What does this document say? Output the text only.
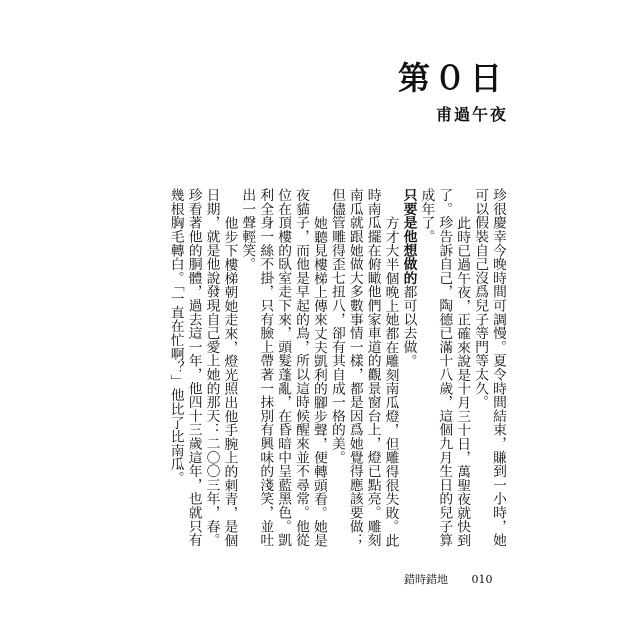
第０日
甫過午夜

珍很慶幸今晚時間可調慢。夏令時間結束，賺到一小時，她可以假裝自己沒爲兒子等門等太久。

此時已過午夜，正確來說是十月三十日，萬聖夜就快到了。珍告訴自己，陶德已滿十八歲，這個九月生日的兒子算成年了。

只要是他想做的都可以去做。

方才大半個晚上她都在雕刻南瓜燈，但雕得很失敗。此時南瓜擺在俯瞰他們家車道的觀景窗台上，燈已點亮。雕刻南瓜就跟她做大多數事情一樣，都是因爲她覺得應該要做；但儘管雕得歪七扭八，卻有其自成一格的美。

她聽見樓梯上傳來丈夫凱利的腳步聲，便轉頭看。她是夜貓子，而他是早起的鳥，所以這時候醒來並不尋常。他從位在頂樓的臥室走下來，頭髮蓬亂，在昏暗中呈藍黑色。凱利全身一絲不掛，只有臉上帶著一抹別有興味的淺笑，並吐出一聲輕笑。

他步下樓梯朝她走來，燈光照出他手腕上的刺青，是個日期，就是他說發現自己愛上她的那天：二〇〇三年，春。珍看著他的胴體，過去這一年，他四十三歲這年，也就只有幾根胸毛轉白。「一直在忙啊？」他比了比南瓜。

錯時錯地 010
